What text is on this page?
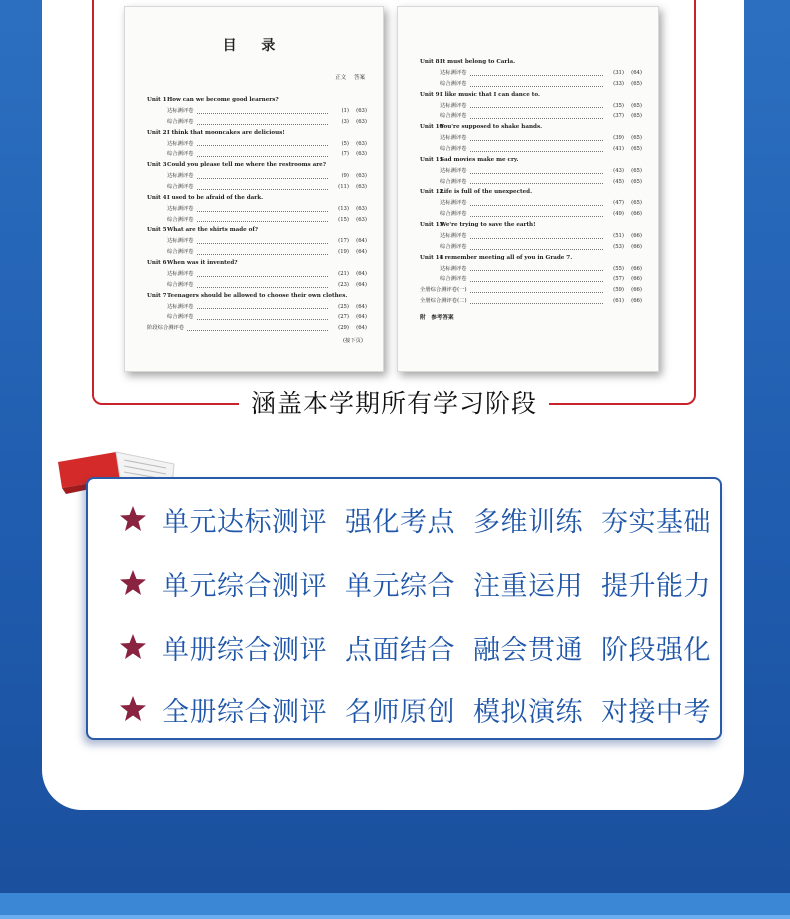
目 录
正文 答案
Unit 1How can we become good learners?
达标测评卷	(1)	(63)
综合测评卷	(3)	(63)
Unit 2I think that mooncakes are delicious!
达标测评卷	(5)	(63)
综合测评卷	(7)	(63)
Unit 3Could you please tell me where the restrooms are?
达标测评卷	(9)	(63)
综合测评卷	(11)	(63)
Unit 4I used to be afraid of the dark.
达标测评卷	(13)	(63)
综合测评卷	(15)	(63)
Unit 5What are the shirts made of?
达标测评卷	(17)	(64)
综合测评卷	(19)	(64)
Unit 6When was it invented?
达标测评卷	(21)	(64)
综合测评卷	(23)	(64)
Unit 7Teenagers should be allowed to choose their own clothes.
达标测评卷	(25)	(64)
综合测评卷	(27)	(64)
阶段综合测评卷	(29)	(64)
(接下页)
Unit 8It must belong to Carla.
达标测评卷	(31)	(64)
综合测评卷	(33)	(65)
Unit 9I like music that I can dance to.
达标测评卷	(35)	(65)
综合测评卷	(37)	(65)
Unit 10You're supposed to shake hands.
达标测评卷	(39)	(65)
综合测评卷	(41)	(65)
Unit 11Sad movies make me cry.
达标测评卷	(43)	(65)
综合测评卷	(45)	(65)
Unit 12Life is full of the unexpected.
达标测评卷	(47)	(65)
综合测评卷	(49)	(66)
Unit 13We're trying to save the earth!
达标测评卷	(51)	(66)
综合测评卷	(53)	(66)
Unit 14I remember meeting all of you in Grade 7.
达标测评卷	(55)	(66)
综合测评卷	(57)	(66)
全册综合测评卷(一)	(59)	(66)
全册综合测评卷(二)	(61)	(66)
附　参考答案
涵盖本学期所有学习阶段
单元达标测评 强化考点 多维训练 夯实基础
单元综合测评 单元综合 注重运用 提升能力
单册综合测评 点面结合 融会贯通 阶段强化
全册综合测评 名师原创 模拟演练 对接中考
